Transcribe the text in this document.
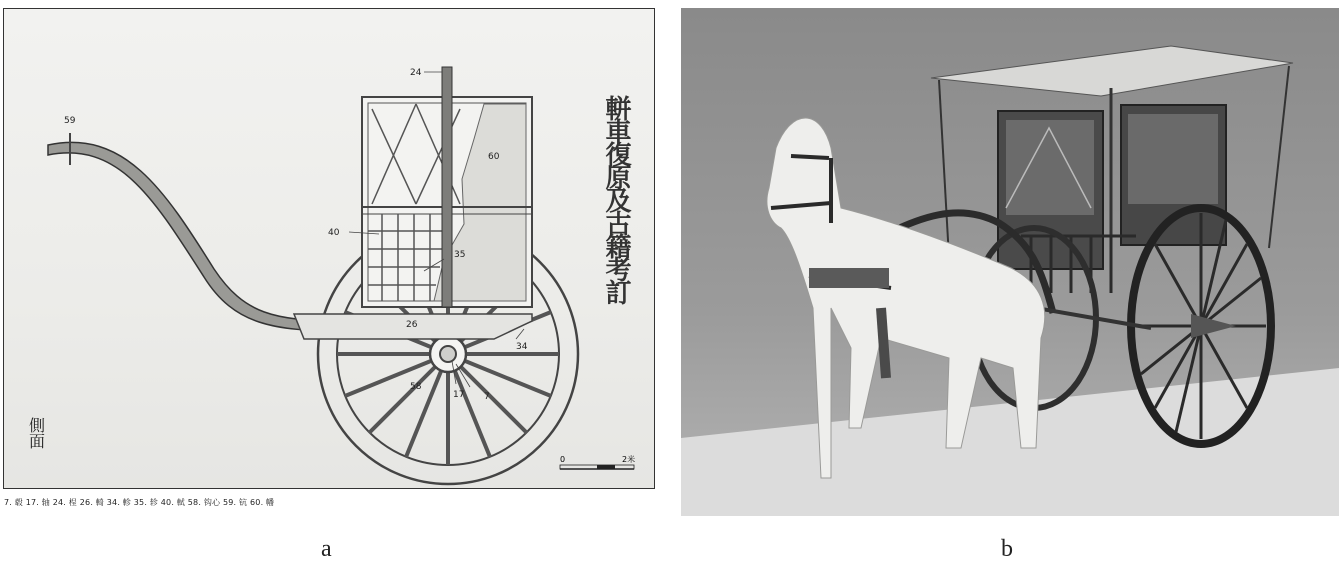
59
24
60
40
35
26
34
58
17 7
軿車復原及古籍考訂
側面
0	2米
7. 毂 17. 轴 24. 桯 26. 輢 34. 軫 35. 轸 40. 軾 58. 钩心 59. 钪 60. 幡
a	b
